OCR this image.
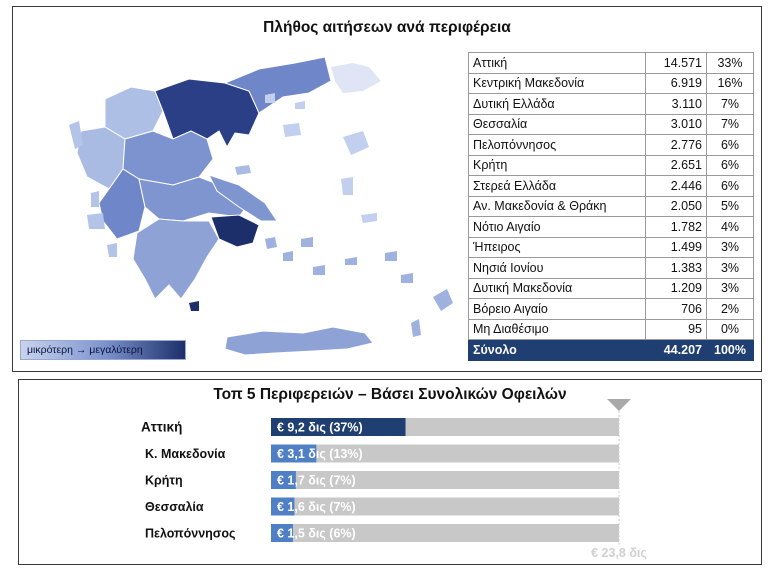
Πλήθος αιτήσεων ανά περιφέρεια
μικρότερη → μεγαλύτερη
Αττική	14.571	33%
Κεντρική Μακεδονία	6.919	16%
Δυτική Ελλάδα	3.110	7%
Θεσσαλία	3.010	7%
Πελοπόννησος	2.776	6%
Κρήτη	2.651	6%
Στερεά Ελλάδα	2.446	6%
Αν. Μακεδονία & Θράκη	2.050	5%
Νότιο Αιγαίο	1.782	4%
Ήπειρος	1.499	3%
Νησιά Ιονίου	1.383	3%
Δυτική Μακεδονία	1.209	3%
Βόρειο Αιγαίο	706	2%
Μη Διαθέσιμο	95	0%
Σύνολο	44.207	100%
Τοπ 5 Περιφερειών – Βάσει Συνολικών Οφειλών
Αττική	€ 9,2 δις (37%)
Κ. Μακεδονία	€ 3,1 δις (13%)
Κρήτη	€ 1,7 δις (7%)
Θεσσαλία	€ 1,6 δις (7%)
Πελοπόννησος	€ 1,5 δις (6%)
€ 23,8 δις
